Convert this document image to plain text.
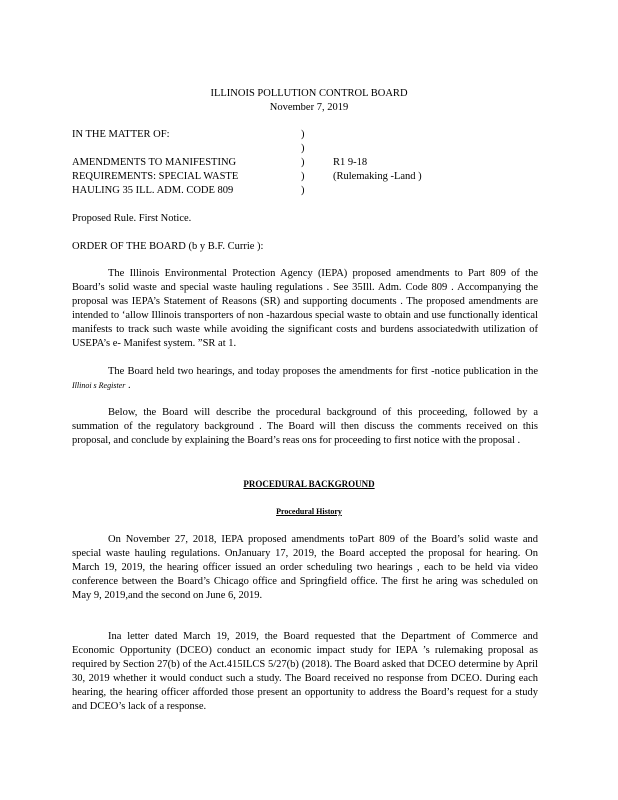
ILLINOIS POLLUTION CONTROL BOARD
November 7, 2019
IN THE MATTER OF:
AMENDMENTS TO MANIFESTING
REQUIREMENTS: SPECIAL WASTE
HAULING 35 ILL. ADM. CODE 809
)
)
)
)
)
R1 9-18
(Rulemaking -Land )
Proposed Rule. First Notice.
ORDER OF THE BOARD (b y B.F. Currie ):

The Illinois Environmental Protection Agency (IEPA) proposed amendments to Part 809 of the Board’s solid waste and special waste hauling regulations . See 35Ill. Adm. Code 809 . Accompanying the proposal was IEPA’s Statement of Reasons (SR) and supporting documents . The proposed amendments are intended to ‘allow Illinois transporters of non -hazardous special waste to obtain and use functionally identical manifests to track such waste while avoiding the significant costs and burdens associatedwith utilization of USEPA’s e- Manifest system. ”SR at 1.

The Board held two hearings, and today proposes the amendments for first -notice publication in the Illinoi s Register .

Below, the Board will describe the procedural background of this proceeding, followed by a summation of the regulatory background . The Board will then discuss the comments received on this proposal, and conclude by explaining the Board’s reas ons for proceeding to first notice with the proposal .

PROCEDURAL BACKGROUND
Procedural History

On November 27, 2018, IEPA proposed amendments toPart 809 of the Board’s solid waste and special waste hauling regulations. OnJanuary 17, 2019, the Board accepted the proposal for hearing. On March 19, 2019, the hearing officer issued an order scheduling two hearings , each to be held via video conference between the Board’s Chicago office and Springfield office. The first he aring was scheduled on May 9, 2019,and the second on June 6, 2019.

Ina letter dated March 19, 2019, the Board requested that the Department of Commerce and Economic Opportunity (DCEO) conduct an economic impact study for IEPA ’s rulemaking proposal as required by Section 27(b) of the Act.415ILCS 5/27(b) (2018). The Board asked that DCEO determine by April 30, 2019 whether it would conduct such a study. The Board received no response from DCEO. During each hearing, the hearing officer afforded those present an opportunity to address the Board’s request for a study and DCEO’s lack of a response.
